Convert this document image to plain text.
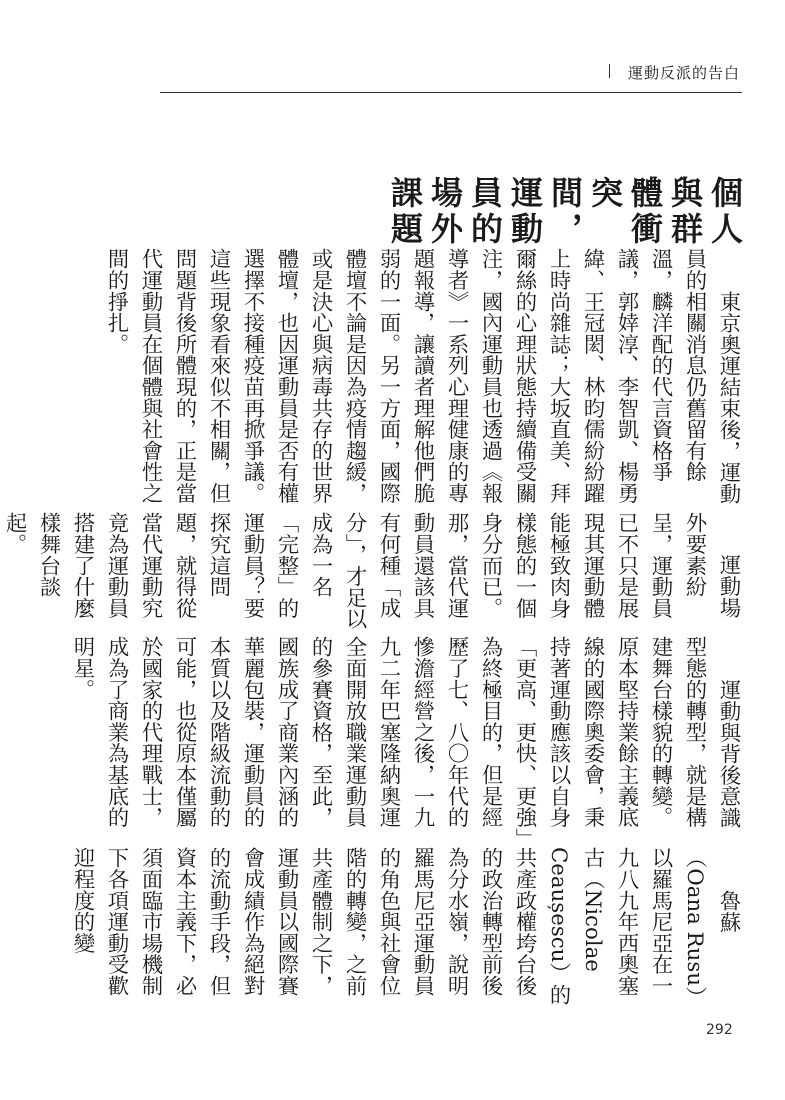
運動反派的告白
個人與群體衝突間，運動員的場外課題

東京奧運結束後，運動員的相關消息仍舊留有餘溫，麟洋配的代言資格爭議，郭婞淳、李智凱、楊勇緯、王冠閎、林昀儒紛紛躍上時尚雜誌；大坂直美、拜爾絲的心理狀態持續備受關注，國內運動員也透過《報導者》一系列心理健康的專題報導，讓讀者理解他們脆弱的一面。另一方面，國際體壇不論是因為疫情趨緩，或是決心與病毒共存的世界體壇，也因運動員是否有權選擇不接種疫苗再掀爭議。這些現象看來似不相關，但問題背後所體現的，正是當代運動員在個體與社會性之間的掙扎。

運動場外要素紛呈，運動員已不只是展現其運動體能極致肉身樣態的一個身分而已。那，當代運動員還該具有何種「成分」，才足以成為一名「完整」的運動員？要探究這問題，就得從當代運動究竟為運動員搭建了什麼樣舞台談起。

運動與背後意識型態的轉型，就是構建舞台樣貌的轉變。原本堅持業餘主義底線的國際奧委會，秉持著運動應該以自身「更高、更快、更強」為終極目的，但是經歷了七、八〇年代的慘澹經營之後，一九九二年巴塞隆納奧運全面開放職業運動員的參賽資格，至此，國族成了商業內涵的華麗包裝，運動員的本質以及階級流動的可能，也從原本僅屬於國家的代理戰士，成為了商業為基底的明星。

魯蘇（Oana Rusu）以羅馬尼亞在一九八九年西奧塞古（Nicolae Ceaușescu）的共產政權垮台後的政治轉型前後為分水嶺，說明羅馬尼亞運動員的角色與社會位階的轉變，之前共產體制之下，運動員以國際賽會成績作為絕對的流動手段，但資本主義下，必須面臨市場機制下各項運動受歡迎程度的變

292
